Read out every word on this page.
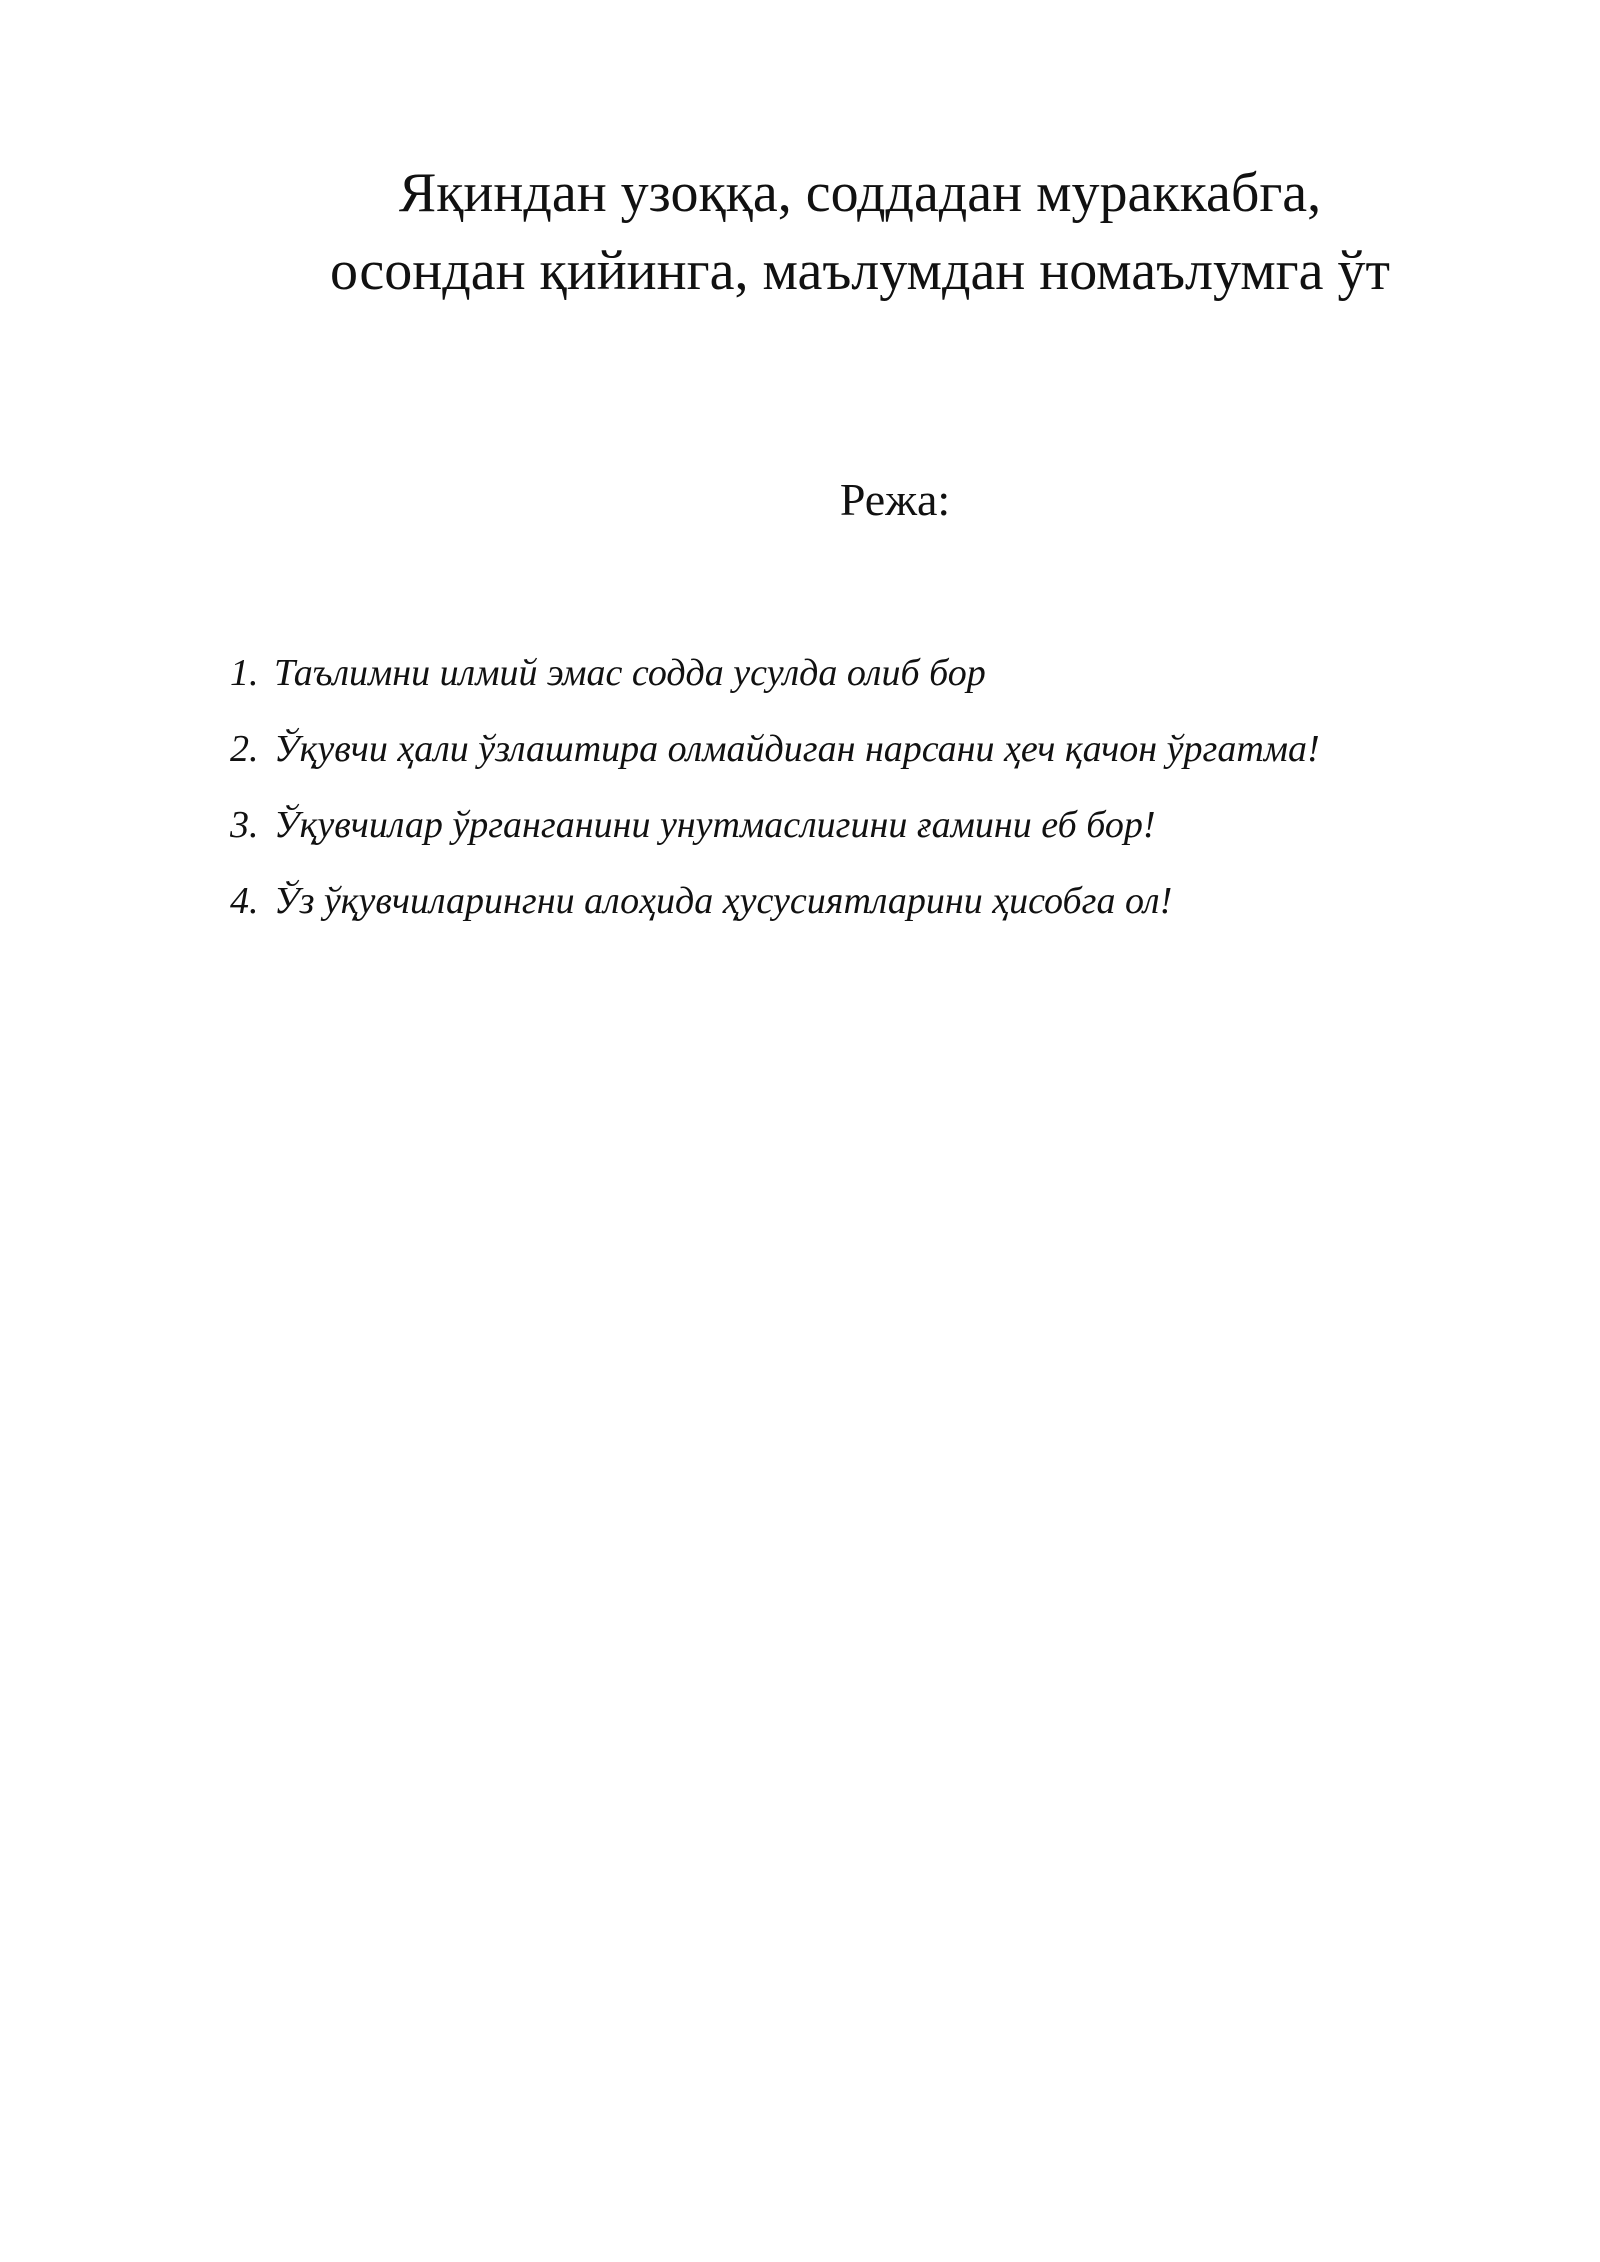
Яқиндан узоққа, соддадан мураккабга,
осондан қийинга, маълумдан номаълумга ўт
Режа:
1. Таълимни илмий эмас содда усулда олиб бор
2. Ўқувчи ҳали ўзлаштира олмайдиган нарсани ҳеч қачон ўргатма!
3. Ўқувчилар ўрганганини унутмаслигини ғамини еб бор!
4. Ўз ўқувчиларингни алоҳида ҳусусиятларини ҳисобга ол!
